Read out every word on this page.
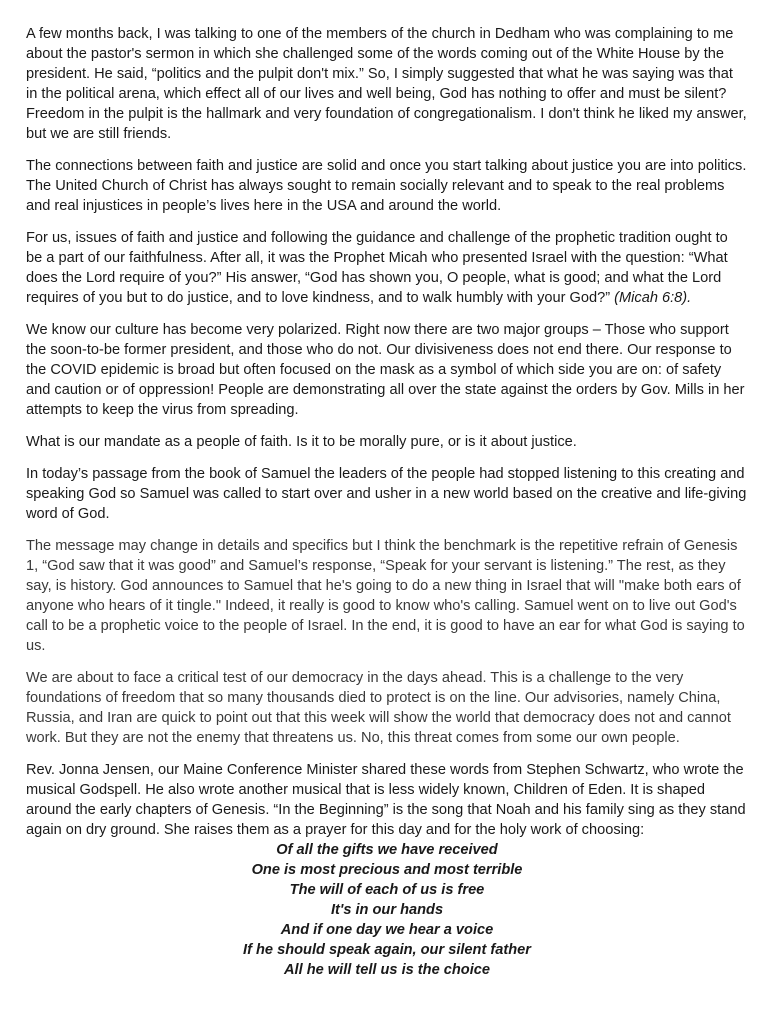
A few months back, I was talking to one of the members of the church in Dedham who was complaining to me about the pastor's sermon in which she challenged some of the words coming out of the White House by the president. He said, “politics and the pulpit don't mix.” So, I simply suggested that what he was saying was that in the political arena, which effect all of our lives and well being, God has nothing to offer and must be silent? Freedom in the pulpit is the hallmark and very foundation of congregationalism. I don't think he liked my answer, but we are still friends.

The connections between faith and justice are solid and once you start talking about justice you are into politics. The United Church of Christ has always sought to remain socially relevant and to speak to the real problems and real injustices in people’s lives here in the USA and around the world.

For us, issues of faith and justice and following the guidance and challenge of the prophetic tradition ought to be a part of our faithfulness. After all, it was the Prophet Micah who presented Israel with the question: “What does the Lord require of you?” His answer, “God has shown you, O people, what is good; and what the Lord requires of you but to do justice, and to love kindness, and to walk humbly with your God?” (Micah 6:8).

We know our culture has become very polarized. Right now there are two major groups – Those who support the soon-to-be former president, and those who do not. Our divisiveness does not end there. Our response to the COVID epidemic is broad but often focused on the mask as a symbol of which side you are on: of safety and caution or of oppression! People are demonstrating all over the state against the orders by Gov. Mills in her attempts to keep the virus from spreading.

What is our mandate as a people of faith. Is it to be morally pure, or is it about justice.

In today’s passage from the book of Samuel the leaders of the people had stopped listening to this creating and speaking God so Samuel was called to start over and usher in a new world based on the creative and life-giving word of God.

The message may change in details and specifics but I think the benchmark is the repetitive refrain of Genesis 1, “God saw that it was good” and Samuel’s response, “Speak for your servant is listening.” The rest, as they say, is history. God announces to Samuel that he's going to do a new thing in Israel that will "make both ears of anyone who hears of it tingle." Indeed, it really is good to know who's calling. Samuel went on to live out God's call to be a prophetic voice to the people of Israel. In the end, it is good to have an ear for what God is saying to us.

We are about to face a critical test of our democracy in the days ahead. This is a challenge to the very foundations of freedom that so many thousands died to protect is on the line. Our advisories, namely China, Russia, and Iran are quick to point out that this week will show the world that democracy does not and cannot work. But they are not the enemy that threatens us. No, this threat comes from some our own people.

Rev. Jonna Jensen, our Maine Conference Minister shared these words from Stephen Schwartz, who wrote the musical Godspell. He also wrote another musical that is less widely known, Children of Eden. It is shaped around the early chapters of Genesis. “In the Beginning” is the song that Noah and his family sing as they stand again on dry ground. She raises them as a prayer for this day and for the holy work of choosing:

Of all the gifts we have received
One is most precious and most terrible
The will of each of us is free
It's in our hands
And if one day we hear a voice
If he should speak again, our silent father
All he will tell us is the choice
